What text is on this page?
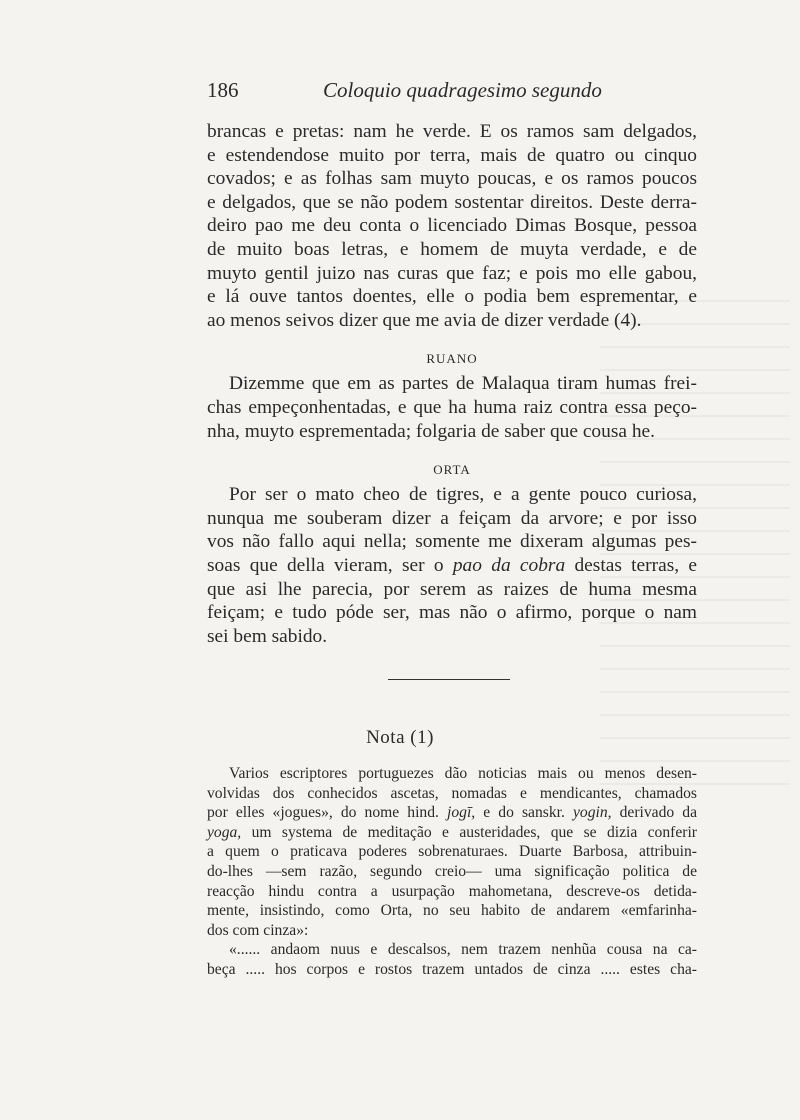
186	Coloquio quadragesimo segundo
brancas e pretas: nam he verde. E os ramos sam delgados,
e estendendose muito por terra, mais de quatro ou cinquo
covados; e as folhas sam muyto poucas, e os ramos poucos
e delgados, que se não podem sostentar direitos. Deste derra-
deiro pao me deu conta o licenciado Dimas Bosque, pessoa
de muito boas letras, e homem de muyta verdade, e de
muyto gentil juizo nas curas que faz; e pois mo elle gabou,
e lá ouve tantos doentes, elle o podia bem esprementar, e
ao menos seivos dizer que me avia de dizer verdade (4).
RUANO
Dizemme que em as partes de Malaqua tiram humas frei-
chas empeçonhentadas, e que ha huma raiz contra essa peço-
nha, muyto esprementada; folgaria de saber que cousa he.
ORTA
Por ser o mato cheo de tigres, e a gente pouco curiosa,
nunqua me souberam dizer a feiçam da arvore; e por isso
vos não fallo aqui nella; somente me dixeram algumas pes-
soas que della vieram, ser o pao da cobra destas terras, e
que asi lhe parecia, por serem as raizes de huma mesma
feiçam; e tudo póde ser, mas não o afirmo, porque o nam
sei bem sabido.
Nota (1)
Varios escriptores portuguezes dão noticias mais ou menos desen-
volvidas dos conhecidos ascetas, nomadas e mendicantes, chamados
por elles «jogues», do nome hind. jogī, e do sanskr. yogin, derivado da
yoga, um systema de meditação e austeridades, que se dizia conferir
a quem o praticava poderes sobrenaturaes. Duarte Barbosa, attribuin-
do-lhes —sem razão, segundo creio— uma significação politica de
reacção hindu contra a usurpação mahometana, descreve-os detida-
mente, insistindo, como Orta, no seu habito de andarem «emfarinha-
dos com cinza»:
«...... andaom nuus e descalsos, nem trazem nenhũa cousa na ca-
beça ..... hos corpos e rostos trazem untados de cinza ..... estes cha-
